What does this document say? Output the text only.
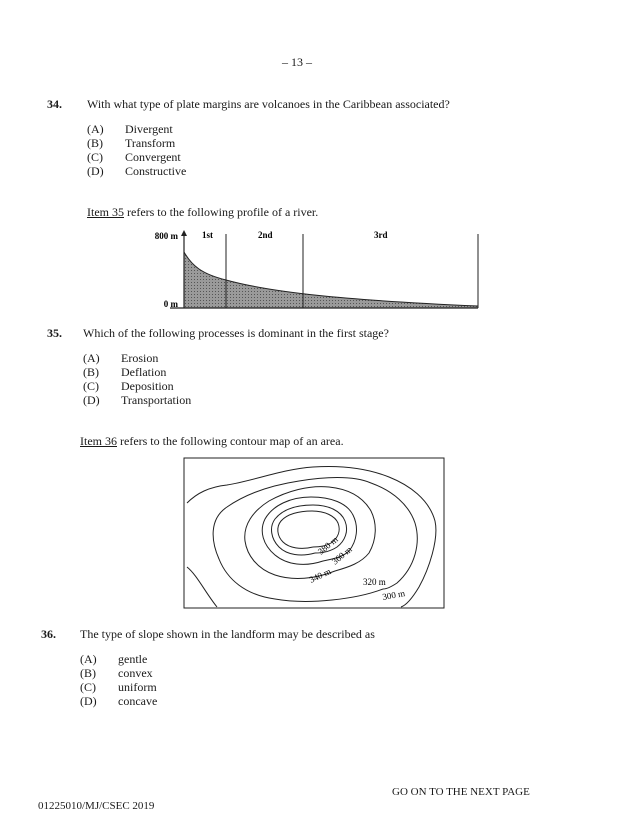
– 13 –
34. With what type of plate margins are volcanoes in the Caribbean associated?
(A) Divergent
(B) Transform
(C) Convergent
(D) Constructive
Item 35 refers to the following profile of a river.
800 m
0 m
1st	2nd	3rd
35. Which of the following processes is dominant in the first stage?
(A) Erosion
(B) Deflation
(C) Deposition
(D) Transportation
Item 36 refers to the following contour map of an area.
380 m
360 m
340 m	320 m
300 m
36. The type of slope shown in the landform may be described as
(A) gentle
(B) convex
(C) uniform
(D) concave
GO ON TO THE NEXT PAGE
01225010/MJ/CSEC 2019
